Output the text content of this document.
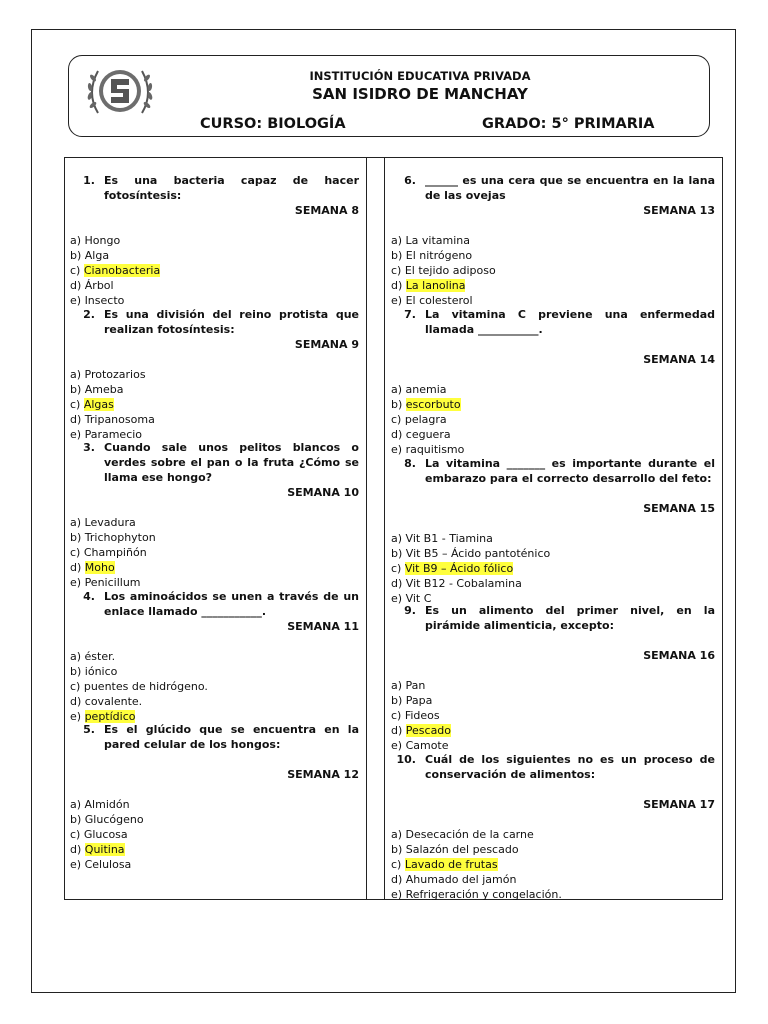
INSTITUCIÓN EDUCATIVA PRIVADA
SAN ISIDRO DE MANCHAY
CURSO: BIOLOGÍA	GRADO: 5° PRIMARIA
1. Es una bacteria capaz de hacer fotosíntesis:
SEMANA 8
a) Hongo
b) Alga
c) Cianobacteria
d) Árbol
e) Insecto
2. Es una división del reino protista que realizan fotosíntesis:
SEMANA 9
a) Protozarios
b) Ameba
c) Algas
d) Tripanosoma
e) Paramecio
3. Cuando sale unos pelitos blancos o verdes sobre el pan o la fruta ¿Cómo se llama ese hongo?
SEMANA 10
a) Levadura
b) Trichophyton
c) Champiñón
d) Moho
e) Penicillum
4. Los aminoácidos se unen a través de un enlace llamado ___________.
SEMANA 11
a) éster.
b) iónico
c) puentes de hidrógeno.
d) covalente.
e) peptídico
5. Es el glúcido que se encuentra en la pared celular de los hongos:
SEMANA 12
a) Almidón
b) Glucógeno
c) Glucosa
d) Quitina
e) Celulosa
6. ______ es una cera que se encuentra en la lana de las ovejas
SEMANA 13
a) La vitamina
b) El nitrógeno
c) El tejido adiposo
d) La lanolina
e) El colesterol
7. La vitamina C previene una enfermedad llamada ___________.
SEMANA 14
a) anemia
b) escorbuto
c) pelagra
d) ceguera
e) raquitismo
8. La vitamina _______ es importante durante el embarazo para el correcto desarrollo del feto:
SEMANA 15
a) Vit B1 - Tiamina
b) Vit B5 – Ácido pantoténico
c) Vit B9 – Ácido fólico
d) Vit B12 - Cobalamina
e) Vit C
9. Es un alimento del primer nivel, en la pirámide alimenticia, excepto:
SEMANA 16
a) Pan
b) Papa
c) Fideos
d) Pescado
e) Camote
10. Cuál de los siguientes no es un proceso de conservación de alimentos:
SEMANA 17
a) Desecación de la carne
b) Salazón del pescado
c) Lavado de frutas
d) Ahumado del jamón
e) Refrigeración y congelación.
